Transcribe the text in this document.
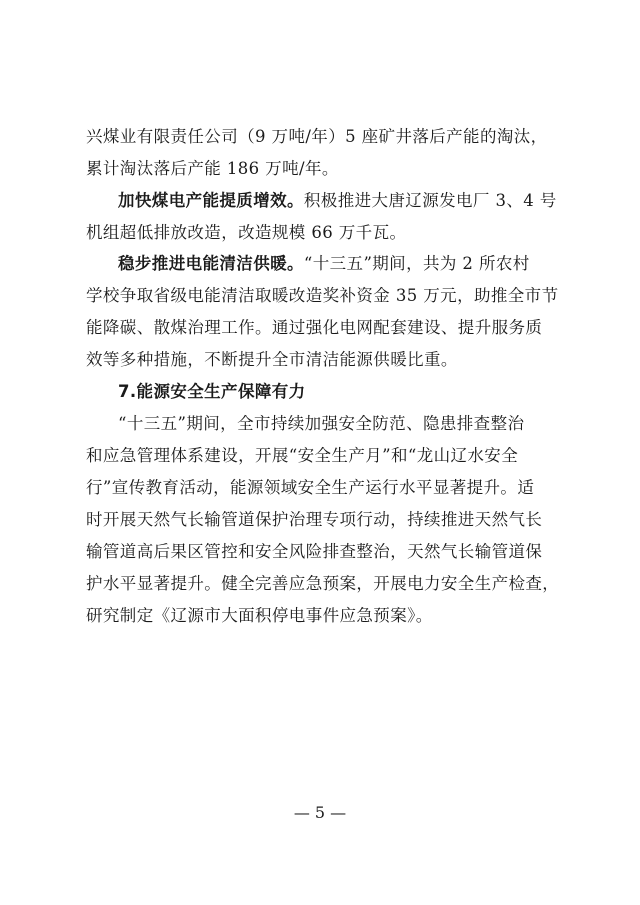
兴煤业有限责任公司（9 万吨/年）5 座矿井落后产能的淘汰，
累计淘汰落后产能 186 万吨/年。
加快煤电产能提质增效。积极推进大唐辽源发电厂 3、4 号
机组超低排放改造，改造规模 66 万千瓦。
稳步推进电能清洁供暖。“十三五”期间，共为 2 所农村
学校争取省级电能清洁取暖改造奖补资金 35 万元，助推全市节
能降碳、散煤治理工作。通过强化电网配套建设、提升服务质
效等多种措施，不断提升全市清洁能源供暖比重。
7.能源安全生产保障有力
“十三五”期间，全市持续加强安全防范、隐患排查整治
和应急管理体系建设，开展“安全生产月”和“龙山辽水安全
行”宣传教育活动，能源领域安全生产运行水平显著提升。适
时开展天然气长输管道保护治理专项行动，持续推进天然气长
输管道高后果区管控和安全风险排查整治，天然气长输管道保
护水平显著提升。健全完善应急预案，开展电力安全生产检查，
研究制定《辽源市大面积停电事件应急预案》。
— 5 —
